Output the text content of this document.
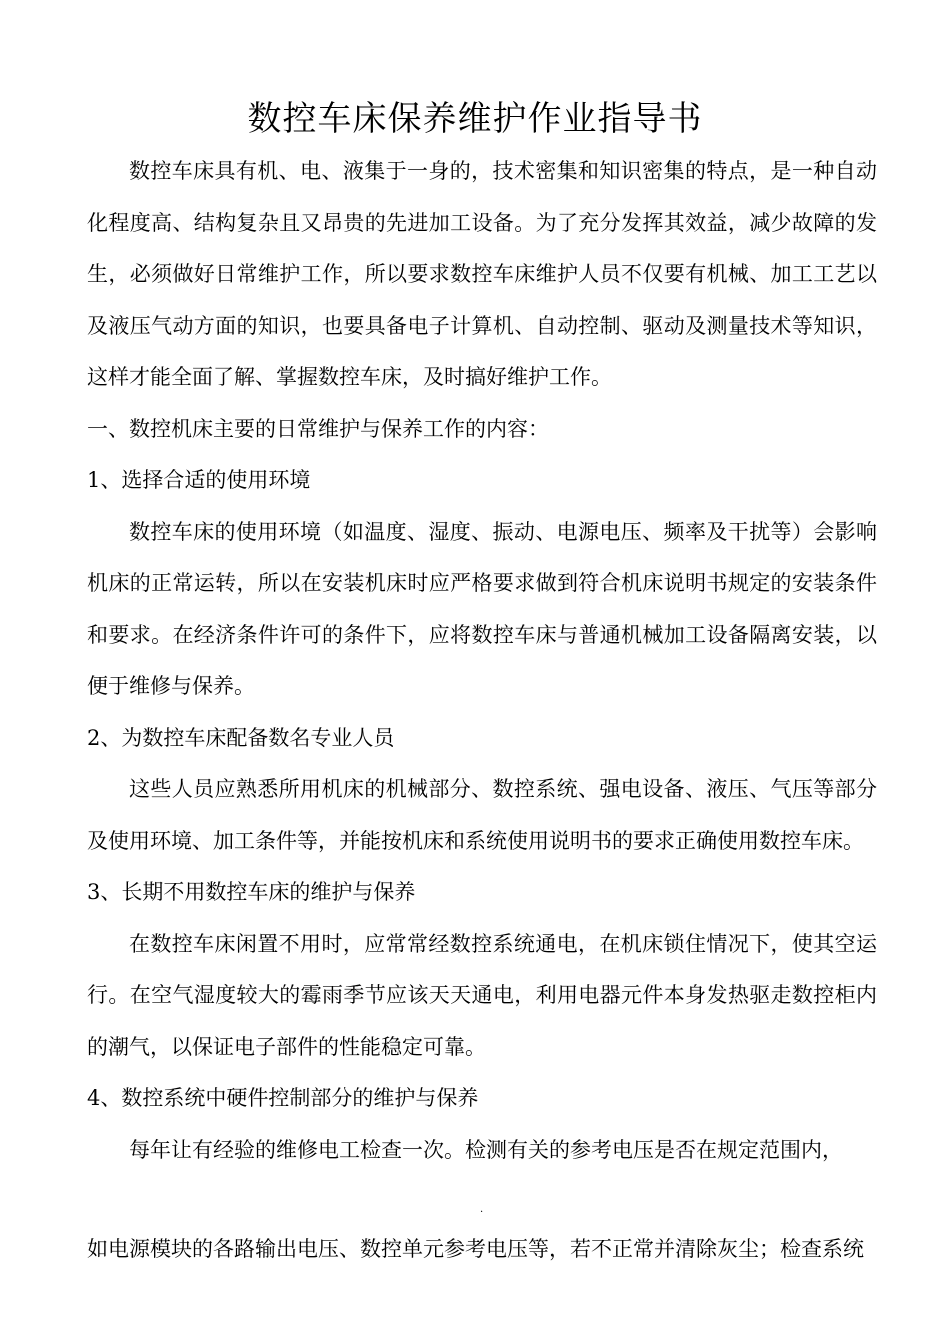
数控车床保养维护作业指导书

数控车床具有机、电、液集于一身的，技术密集和知识密集的特点，是一种自动化程度高、结构复杂且又昂贵的先进加工设备。为了充分发挥其效益，减少故障的发生，必须做好日常维护工作，所以要求数控车床维护人员不仅要有机械、加工工艺以及液压气动方面的知识，也要具备电子计算机、自动控制、驱动及测量技术等知识，这样才能全面了解、掌握数控车床，及时搞好维护工作。

一、数控机床主要的日常维护与保养工作的内容：

1、选择合适的使用环境

数控车床的使用环境（如温度、湿度、振动、电源电压、频率及干扰等）会影响机床的正常运转，所以在安装机床时应严格要求做到符合机床说明书规定的安装条件和要求。在经济条件许可的条件下，应将数控车床与普通机械加工设备隔离安装，以便于维修与保养。

2、为数控车床配备数名专业人员

这些人员应熟悉所用机床的机械部分、数控系统、强电设备、液压、气压等部分及使用环境、加工条件等，并能按机床和系统使用说明书的要求正确使用数控车床。

3、长期不用数控车床的维护与保养

在数控车床闲置不用时，应常常经数控系统通电，在机床锁住情况下，使其空运行。在空气湿度较大的霉雨季节应该天天通电，利用电器元件本身发热驱走数控柜内的潮气，以保证电子部件的性能稳定可靠。

4、数控系统中硬件控制部分的维护与保养

每年让有经验的维修电工检查一次。检测有关的参考电压是否在规定范围内，

.
如电源模块的各路输出电压、数控单元参考电压等，若不正常并清除灰尘；检查系统
